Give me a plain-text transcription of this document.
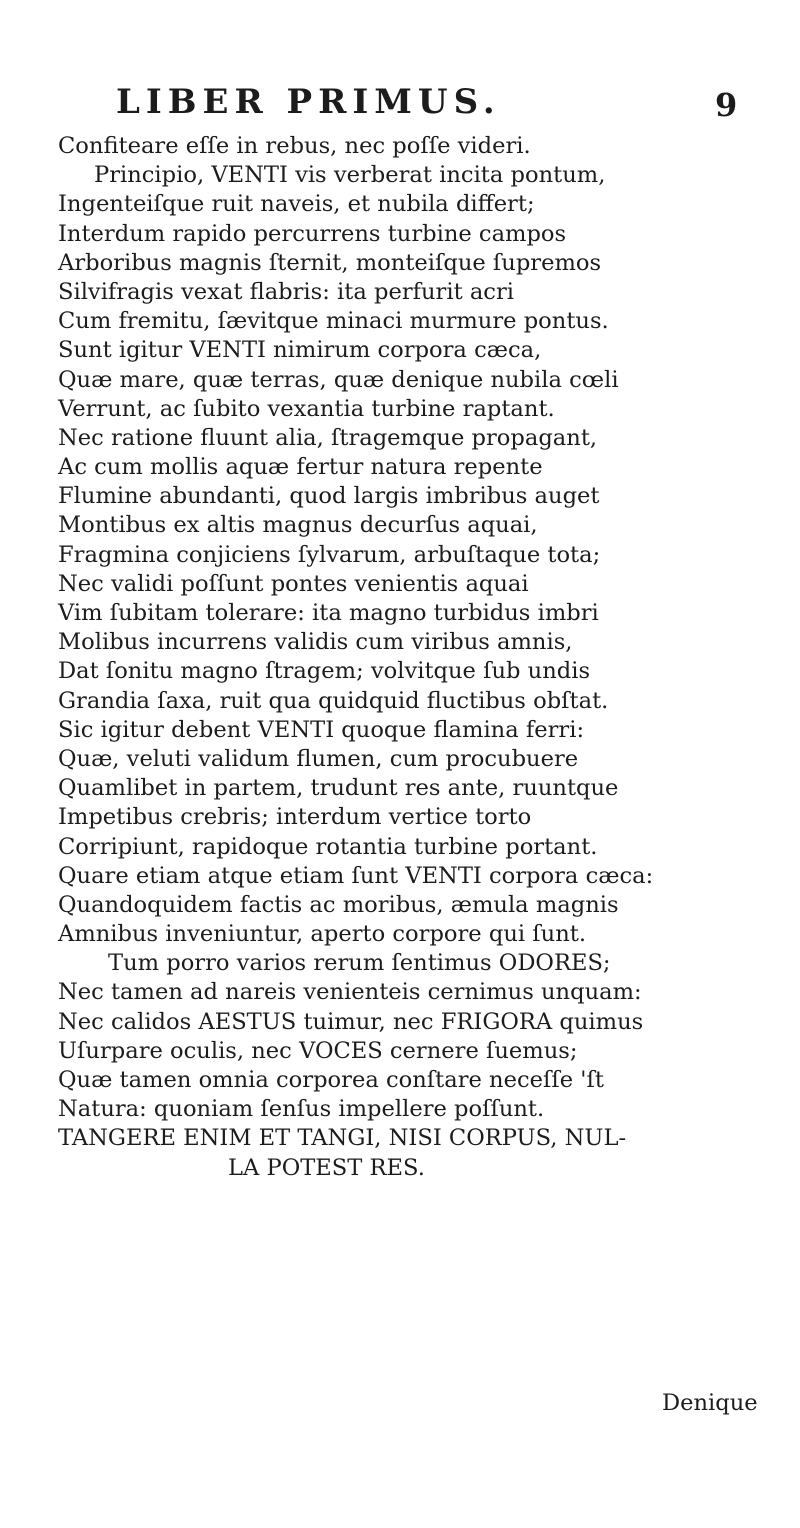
LIBER PRIMUS.	9
Confiteare eſſe in rebus, nec poſſe videri.
Principio, VENTI vis verberat incita pontum,
Ingenteiſque ruit naveis, et nubila differt;
Interdum rapido percurrens turbine campos
Arboribus magnis ſternit, monteiſque ſupremos
Silvifragis vexat flabris: ita perfurit acri
Cum fremitu, ſævitque minaci murmure pontus.
Sunt igitur VENTI nimirum corpora cæca,
Quæ mare, quæ terras, quæ denique nubila cœli
Verrunt, ac ſubito vexantia turbine raptant.
Nec ratione fluunt alia, ſtragemque propagant,
Ac cum mollis aquæ fertur natura repente
Flumine abundanti, quod largis imbribus auget
Montibus ex altis magnus decurſus aquai,
Fragmina conjiciens ſylvarum, arbuſtaque tota;
Nec validi poſſunt pontes venientis aquai
Vim ſubitam tolerare: ita magno turbidus imbri
Molibus incurrens validis cum viribus amnis,
Dat ſonitu magno ſtragem; volvitque ſub undis
Grandia ſaxa, ruit qua quidquid fluctibus obſtat.
Sic igitur debent VENTI quoque flamina ferri:
Quæ, veluti validum flumen, cum procubuere
Quamlibet in partem, trudunt res ante, ruuntque
Impetibus crebris; interdum vertice torto
Corripiunt, rapidoque rotantia turbine portant.
Quare etiam atque etiam ſunt VENTI corpora cæca:
Quandoquidem factis ac moribus, æmula magnis
Amnibus inveniuntur, aperto corpore qui ſunt.
Tum porro varios rerum ſentimus ODORES;
Nec tamen ad nareis venienteis cernimus unquam:
Nec calidos AESTUS tuimur, nec FRIGORA quimus
Uſurpare oculis, nec VOCES cernere ſuemus;
Quæ tamen omnia corporea conſtare neceſſe 'ſt
Natura: quoniam ſenſus impellere poſſunt.
TANGERE ENIM ET TANGI, NISI CORPUS, NUL-
LA POTEST RES.
Denique
